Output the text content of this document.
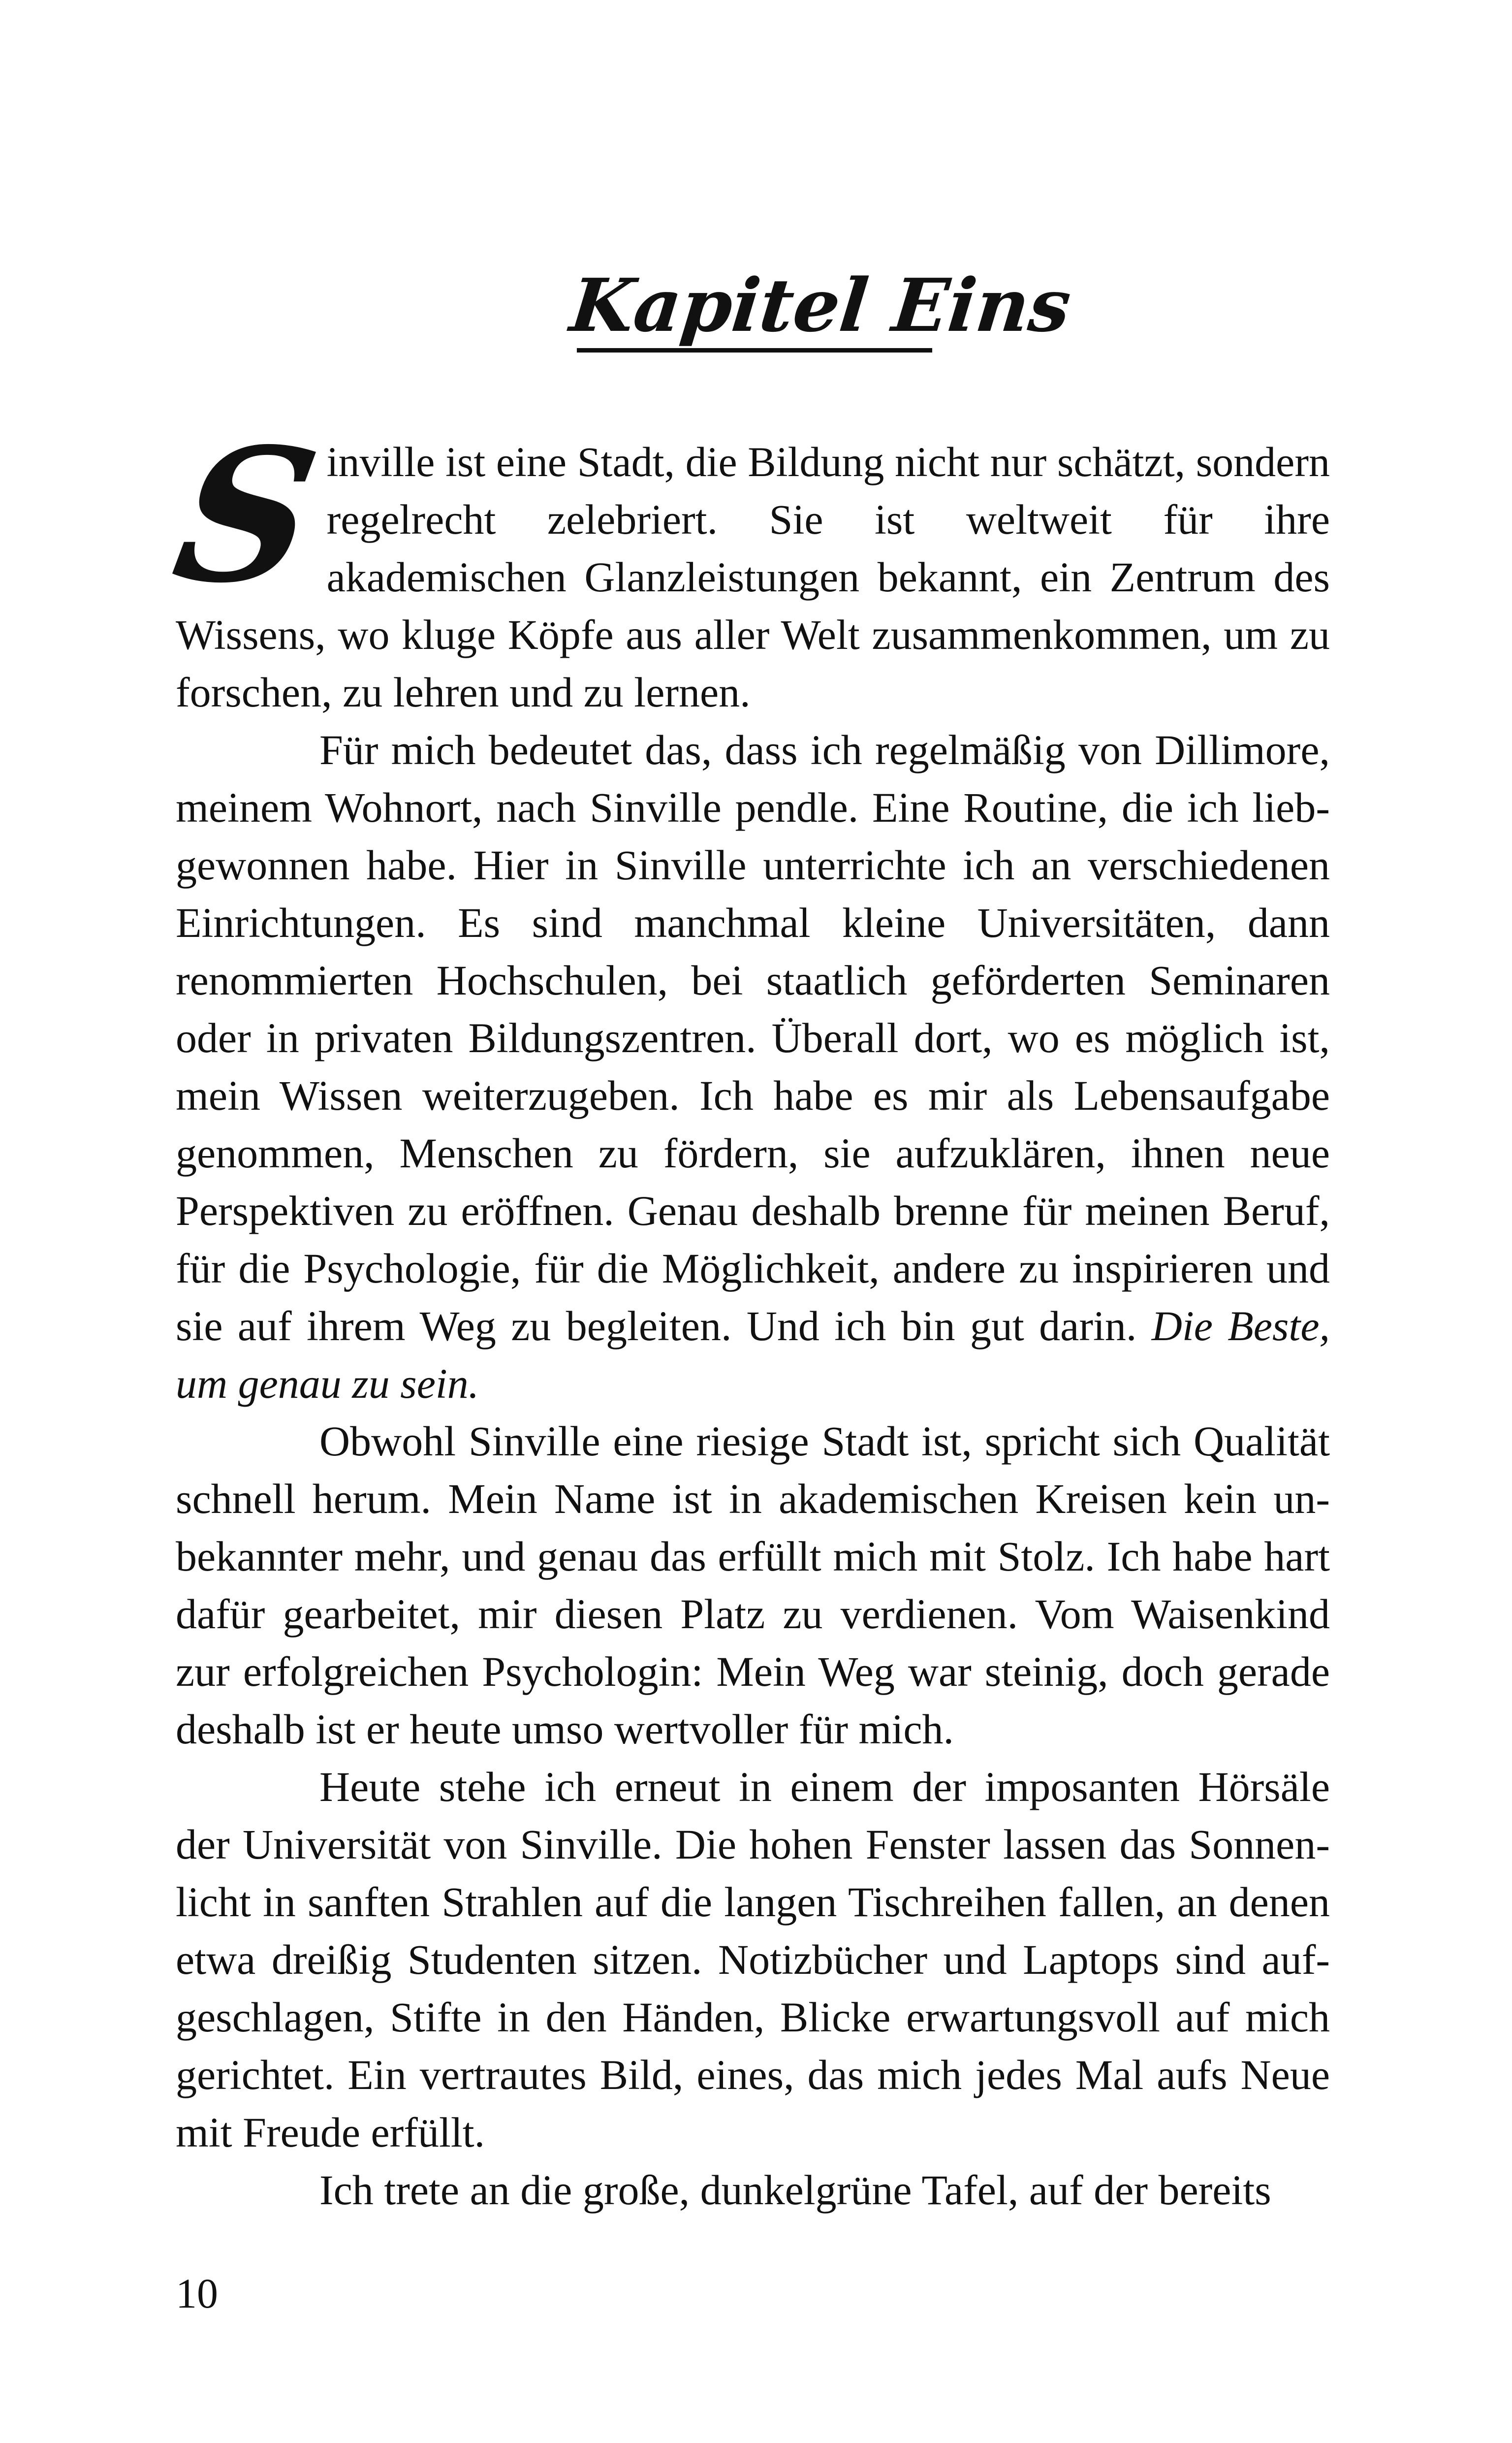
Kapitel Eins

S
inville ist eine Stadt, die Bildung nicht nur schätzt, sondern regelrecht zelebriert. Sie ist weltweit für ihre akademischen Glanzleistungen bekannt, ein Zentrum des Wissens, wo kluge Köpfe aus aller Welt zusammenkommen, um zu forschen, zu lehren und zu lernen.

Für mich bedeutet das, dass ich regelmäßig von Dillimore, meinem Wohnort, nach Sinville pendle. Eine Routine, die ich liebgewonnen habe. Hier in Sinville unterrichte ich an verschiedenen Einrichtungen. Es sind manchmal kleine Universitäten, dann renommierten Hochschulen, bei staatlich geförderten Seminaren oder in privaten Bildungszentren. Überall dort, wo es möglich ist, mein Wissen weiterzugeben. Ich habe es mir als Lebensaufgabe genommen, Menschen zu fördern, sie aufzuklären, ihnen neue Perspektiven zu eröffnen. Genau deshalb brenne für meinen Beruf, für die Psychologie, für die Möglichkeit, andere zu inspirieren und sie auf ihrem Weg zu begleiten. Und ich bin gut darin. Die Beste, um genau zu sein.

Obwohl Sinville eine riesige Stadt ist, spricht sich Qualität schnell herum. Mein Name ist in akademischen Kreisen kein unbekannter mehr, und genau das erfüllt mich mit Stolz. Ich habe hart dafür gearbeitet, mir diesen Platz zu verdienen. Vom Waisenkind zur erfolgreichen Psychologin: Mein Weg war steinig, doch gerade deshalb ist er heute umso wertvoller für mich.

Heute stehe ich erneut in einem der imposanten Hörsäle der Universität von Sinville. Die hohen Fenster lassen das Sonnenlicht in sanften Strahlen auf die langen Tischreihen fallen, an denen etwa dreißig Studenten sitzen. Notizbücher und Laptops sind aufgeschlagen, Stifte in den Händen, Blicke erwartungsvoll auf mich gerichtet. Ein vertrautes Bild, eines, das mich jedes Mal aufs Neue mit Freude erfüllt.

Ich trete an die große, dunkelgrüne Tafel, auf der bereits

10
